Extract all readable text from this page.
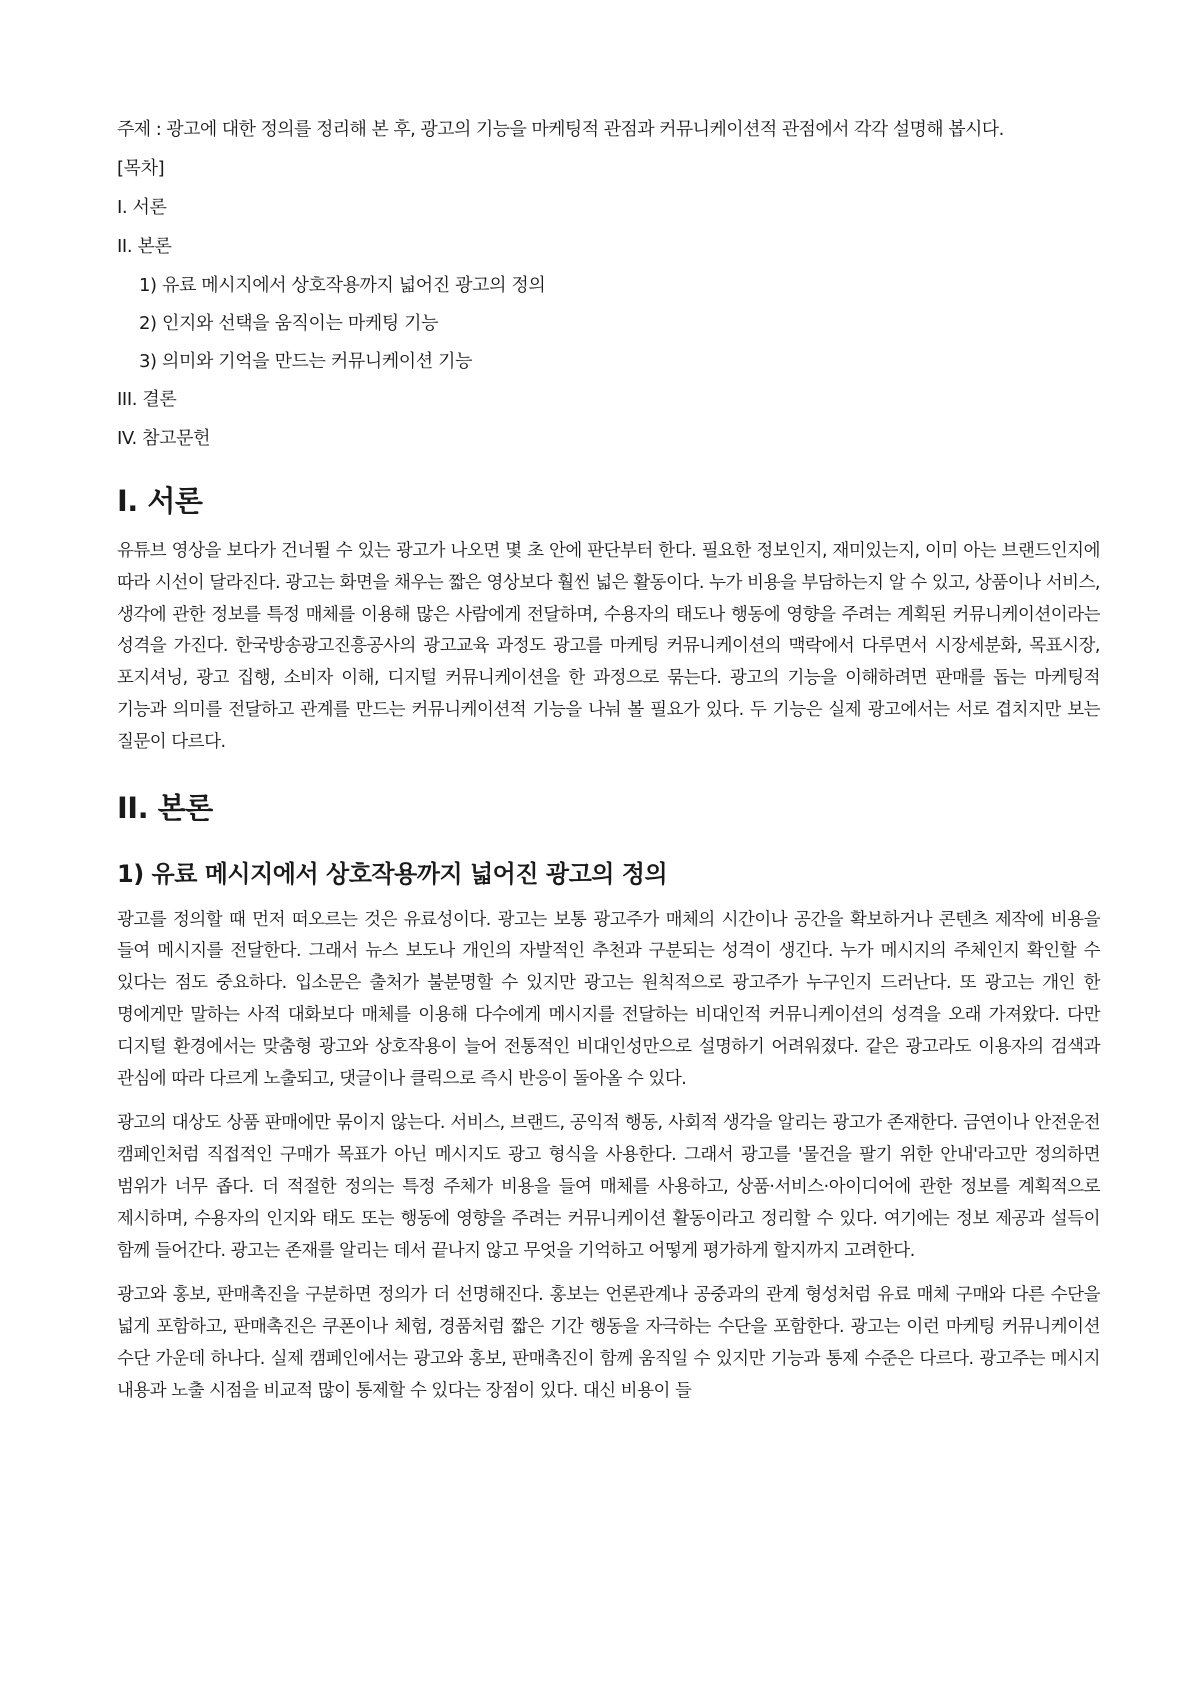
주제 : 광고에 대한 정의를 정리해 본 후, 광고의 기능을 마케팅적 관점과 커뮤니케이션적 관점에서 각각 설명해 봅시다.
[목차]
I. 서론
II. 본론
1) 유료 메시지에서 상호작용까지 넓어진 광고의 정의
2) 인지와 선택을 움직이는 마케팅 기능
3) 의미와 기억을 만드는 커뮤니케이션 기능
III. 결론
IV. 참고문헌
I. 서론

유튜브 영상을 보다가 건너뛸 수 있는 광고가 나오면 몇 초 안에 판단부터 한다. 필요한 정보인지, 재미있는지, 이미 아는 브랜드인지에 따라 시선이 달라진다. 광고는 화면을 채우는 짧은 영상보다 훨씬 넓은 활동이다. 누가 비용을 부담하는지 알 수 있고, 상품이나 서비스, 생각에 관한 정보를 특정 매체를 이용해 많은 사람에게 전달하며, 수용자의 태도나 행동에 영향을 주려는 계획된 커뮤니케이션이라는 성격을 가진다. 한국방송광고진흥공사의 광고교육 과정도 광고를 마케팅 커뮤니케이션의 맥락에서 다루면서 시장세분화, 목표시장, 포지셔닝, 광고 집행, 소비자 이해, 디지털 커뮤니케이션을 한 과정으로 묶는다. 광고의 기능을 이해하려면 판매를 돕는 마케팅적 기능과 의미를 전달하고 관계를 만드는 커뮤니케이션적 기능을 나눠 볼 필요가 있다. 두 기능은 실제 광고에서는 서로 겹치지만 보는 질문이 다르다.

II. 본론
1) 유료 메시지에서 상호작용까지 넓어진 광고의 정의

광고를 정의할 때 먼저 떠오르는 것은 유료성이다. 광고는 보통 광고주가 매체의 시간이나 공간을 확보하거나 콘텐츠 제작에 비용을 들여 메시지를 전달한다. 그래서 뉴스 보도나 개인의 자발적인 추천과 구분되는 성격이 생긴다. 누가 메시지의 주체인지 확인할 수 있다는 점도 중요하다. 입소문은 출처가 불분명할 수 있지만 광고는 원칙적으로 광고주가 누구인지 드러난다. 또 광고는 개인 한 명에게만 말하는 사적 대화보다 매체를 이용해 다수에게 메시지를 전달하는 비대인적 커뮤니케이션의 성격을 오래 가져왔다. 다만 디지털 환경에서는 맞춤형 광고와 상호작용이 늘어 전통적인 비대인성만으로 설명하기 어려워졌다. 같은 광고라도 이용자의 검색과 관심에 따라 다르게 노출되고, 댓글이나 클릭으로 즉시 반응이 돌아올 수 있다.

광고의 대상도 상품 판매에만 묶이지 않는다. 서비스, 브랜드, 공익적 행동, 사회적 생각을 알리는 광고가 존재한다. 금연이나 안전운전 캠페인처럼 직접적인 구매가 목표가 아닌 메시지도 광고 형식을 사용한다. 그래서 광고를 '물건을 팔기 위한 안내'라고만 정의하면 범위가 너무 좁다. 더 적절한 정의는 특정 주체가 비용을 들여 매체를 사용하고, 상품·서비스·아이디어에 관한 정보를 계획적으로 제시하며, 수용자의 인지와 태도 또는 행동에 영향을 주려는 커뮤니케이션 활동이라고 정리할 수 있다. 여기에는 정보 제공과 설득이 함께 들어간다. 광고는 존재를 알리는 데서 끝나지 않고 무엇을 기억하고 어떻게 평가하게 할지까지 고려한다.

광고와 홍보, 판매촉진을 구분하면 정의가 더 선명해진다. 홍보는 언론관계나 공중과의 관계 형성처럼 유료 매체 구매와 다른 수단을 넓게 포함하고, 판매촉진은 쿠폰이나 체험, 경품처럼 짧은 기간 행동을 자극하는 수단을 포함한다. 광고는 이런 마케팅 커뮤니케이션 수단 가운데 하나다. 실제 캠페인에서는 광고와 홍보, 판매촉진이 함께 움직일 수 있지만 기능과 통제 수준은 다르다. 광고주는 메시지 내용과 노출 시점을 비교적 많이 통제할 수 있다는 장점이 있다. 대신 비용이 들
